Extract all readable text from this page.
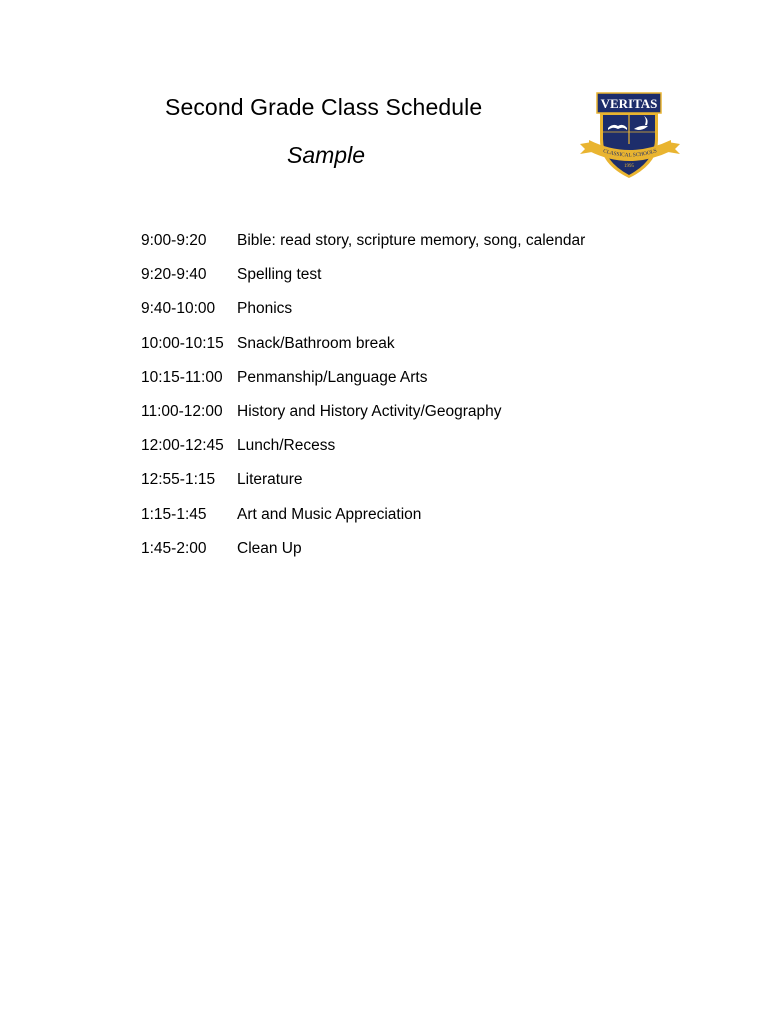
Second Grade Class Schedule
Sample
VERITAS
CLASSICAL SCHOOLS
1995
9:00-9:20	Bible: read story, scripture memory, song, calendar
9:20-9:40	Spelling test
9:40-10:00	Phonics
10:00-10:15 Snack/Bathroom break
10:15-11:00 Penmanship/Language Arts
11:00-12:00 History and History Activity/Geography
12:00-12:45 Lunch/Recess
12:55-1:15	Literature
1:15-1:45	Art and Music Appreciation
1:45-2:00	Clean Up
